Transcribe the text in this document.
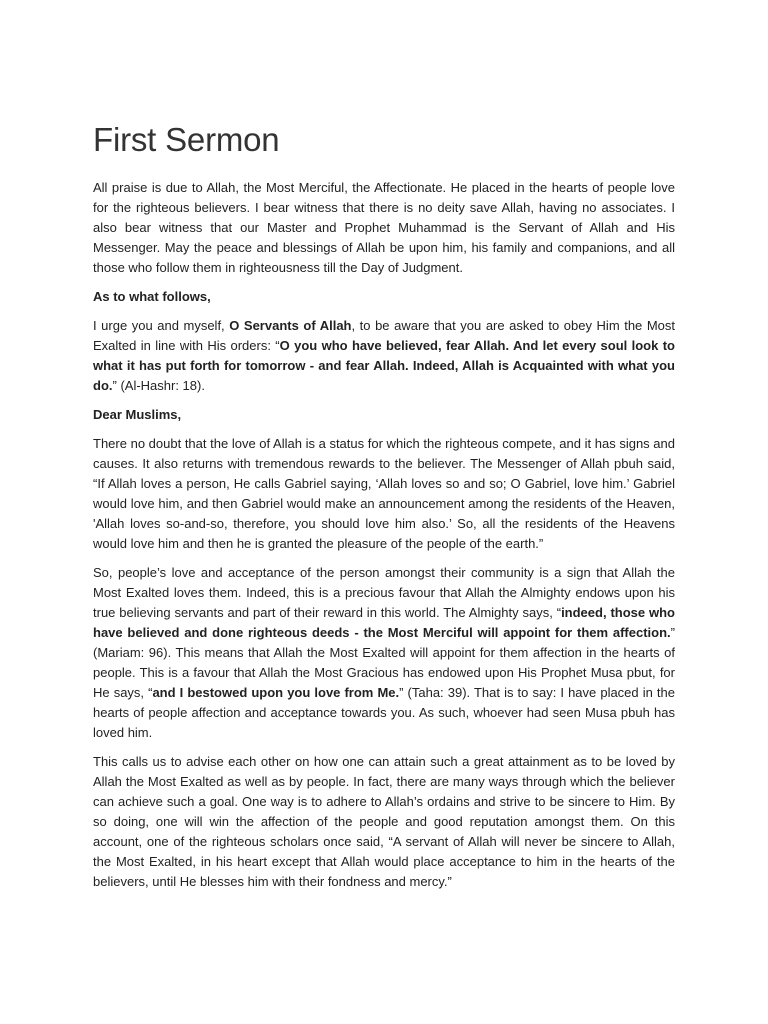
First Sermon

All praise is due to Allah, the Most Merciful, the Affectionate. He placed in the hearts of people love for the righteous believers. I bear witness that there is no deity save Allah, having no associates. I also bear witness that our Master and Prophet Muhammad is the Servant of Allah and His Messenger. May the peace and blessings of Allah be upon him, his family and companions, and all those who follow them in righteousness till the Day of Judgment.

As to what follows,

I urge you and myself, O Servants of Allah, to be aware that you are asked to obey Him the Most Exalted in line with His orders: “O you who have believed, fear Allah. And let every soul look to what it has put forth for tomorrow - and fear Allah. Indeed, Allah is Acquainted with what you do.” (Al-Hashr: 18).

Dear Muslims,

There no doubt that the love of Allah is a status for which the righteous compete, and it has signs and causes. It also returns with tremendous rewards to the believer. The Messenger of Allah pbuh said, “If Allah loves a person, He calls Gabriel saying, ‘Allah loves so and so; O Gabriel, love him.’ Gabriel would love him, and then Gabriel would make an announcement among the residents of the Heaven, 'Allah loves so-and-so, therefore, you should love him also.’ So, all the residents of the Heavens would love him and then he is granted the pleasure of the people of the earth.”

So, people’s love and acceptance of the person amongst their community is a sign that Allah the Most Exalted loves them. Indeed, this is a precious favour that Allah the Almighty endows upon his true believing servants and part of their reward in this world. The Almighty says, “indeed, those who have believed and done righteous deeds - the Most Merciful will appoint for them affection.” (Mariam: 96). This means that Allah the Most Exalted will appoint for them affection in the hearts of people. This is a favour that Allah the Most Gracious has endowed upon His Prophet Musa pbut, for He says, “and I bestowed upon you love from Me.” (Taha: 39). That is to say: I have placed in the hearts of people affection and acceptance towards you. As such, whoever had seen Musa pbuh has loved him.

This calls us to advise each other on how one can attain such a great attainment as to be loved by Allah the Most Exalted as well as by people. In fact, there are many ways through which the believer can achieve such a goal. One way is to adhere to Allah’s ordains and strive to be sincere to Him. By so doing, one will win the affection of the people and good reputation amongst them. On this account, one of the righteous scholars once said, “A servant of Allah will never be sincere to Allah, the Most Exalted, in his heart except that Allah would place acceptance to him in the hearts of the believers, until He blesses him with their fondness and mercy.”
